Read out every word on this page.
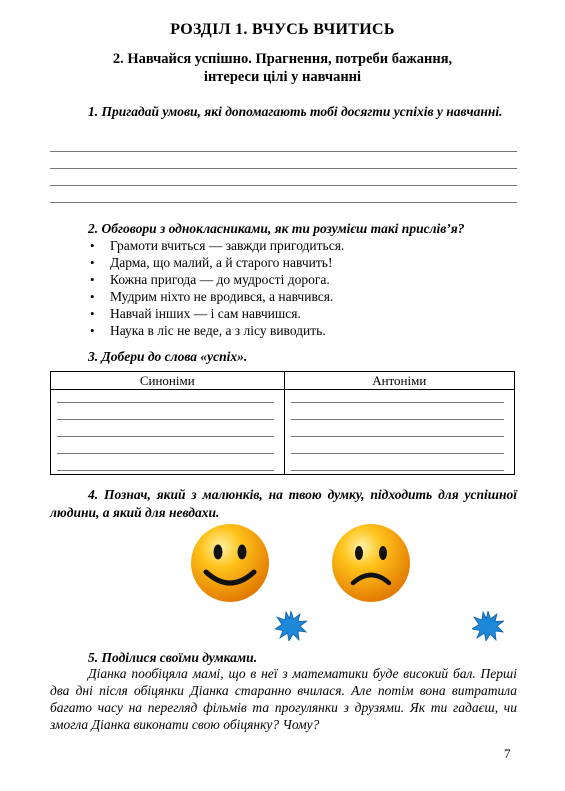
РОЗДІЛ 1. ВЧУСЬ ВЧИТИСЬ
2. Навчайся успішно. Прагнення, потреби бажання,
інтереси цілі у навчанні
1. Пригадай умови, які допомагають тобі досягти успіхів у навчанні.
2. Обговори з однокласниками, як ти розумієш такі прислів’я?
• Грамоти вчиться — завжди пригодиться.
• Дарма, що малий, а й старого навчить!
• Кожна пригода — до мудрості дорога.
• Мудрим ніхто не вродився, а навчився.
• Навчай інших — і сам навчишся.
• Наука в ліс не веде, а з лісу виводить.
3. Добери до слова «успіх».
Синоніми	Антоніми

4. Познач, який з малюнків, на твою думку, підходить для успішної людини, а який для невдахи.
5. Поділися своїми думками.
Діанка пообіцяла мамі, що в неї з математики буде високий бал. Перші два дні після обіцянки Діанка старанно вчилася. Але потім вона витратила багато часу на перегляд фільмів та прогулянки з друзями. Як ти гадаєш, чи змогла Діанка виконати свою обіцянку? Чому?
7
